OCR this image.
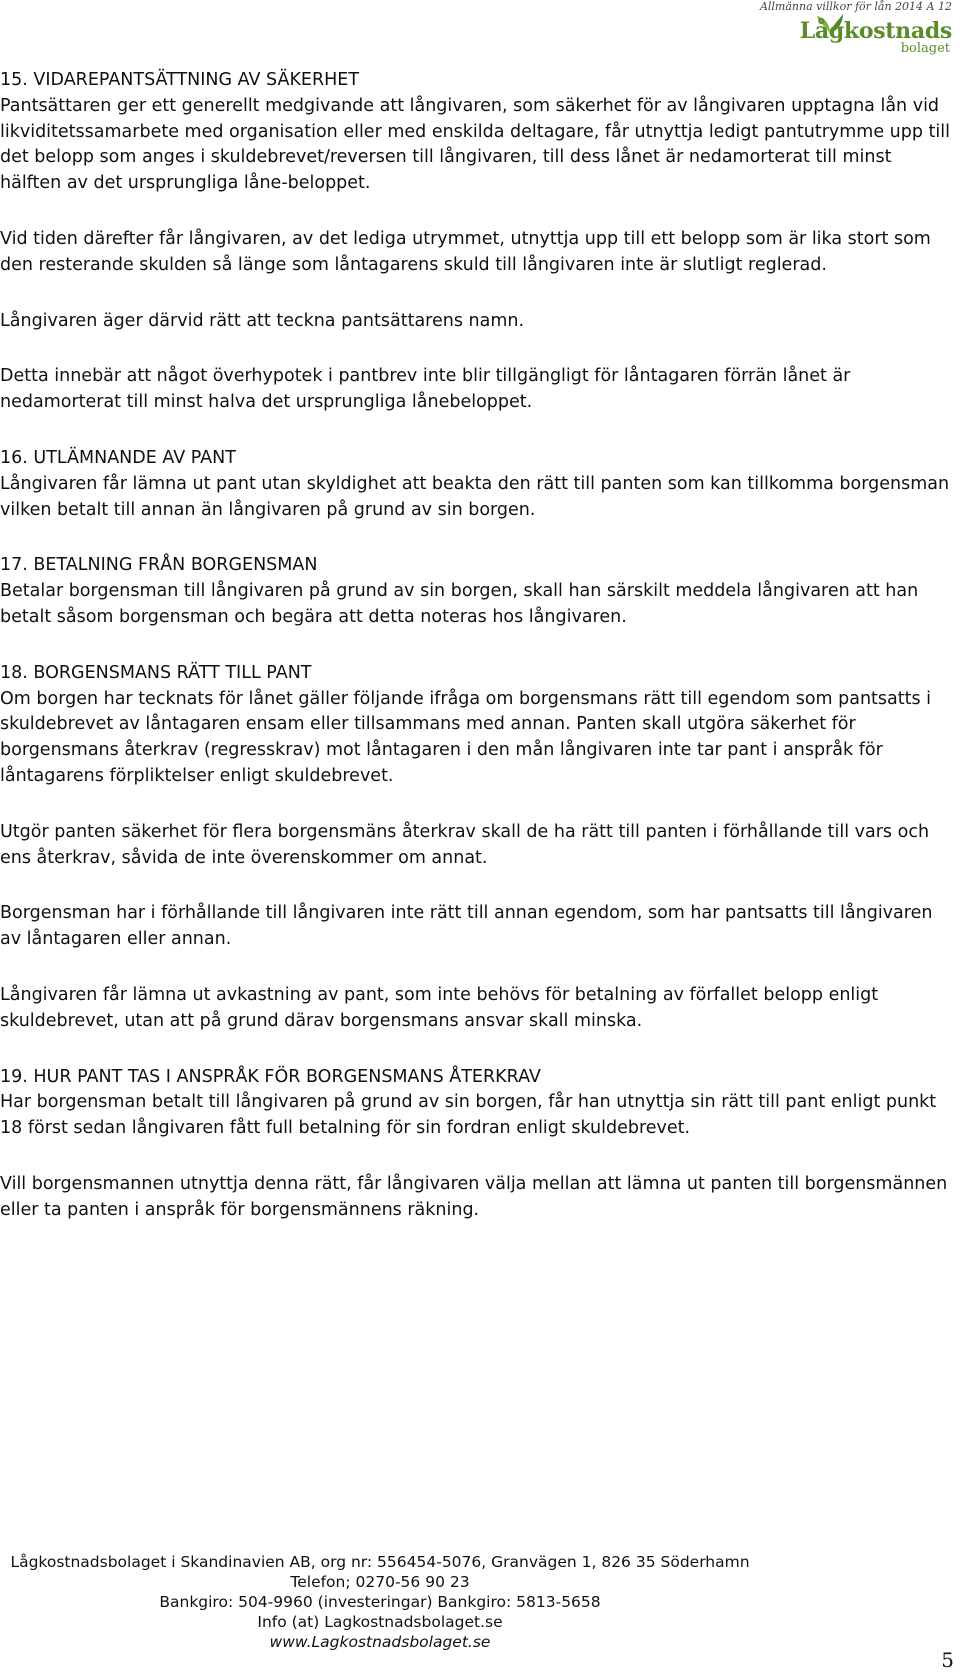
Allmänna villkor för lån 2014 A 12
Lågkostnads
bolaget

15. VIDAREPANTSÄTTNING AV SÄKERHET

Pantsättaren ger ett generellt medgivande att långivaren, som säkerhet för av långivaren upptagna lån vid likviditetssamarbete med organisation eller med enskilda deltagare, får utnyttja ledigt pantutrymme upp till det belopp som anges i skuldebrevet/reversen till långivaren, till dess lånet är nedamorterat till minst hälften av det ursprungliga låne-beloppet.

Vid tiden därefter får långivaren, av det lediga utrymmet, utnyttja upp till ett belopp som är lika stort som den resterande skulden så länge som låntagarens skuld till långivaren inte är slutligt reglerad.

Långivaren äger därvid rätt att teckna pantsättarens namn.

Detta innebär att något överhypotek i pantbrev inte blir tillgängligt för låntagaren förrän lånet är nedamorterat till minst halva det ursprungliga lånebeloppet.

16. UTLÄMNANDE AV PANT

Långivaren får lämna ut pant utan skyldighet att beakta den rätt till panten som kan tillkomma borgensman vilken betalt till annan än långivaren på grund av sin borgen.

17. BETALNING FRÅN BORGENSMAN

Betalar borgensman till långivaren på grund av sin borgen, skall han särskilt meddela långivaren att han betalt såsom borgensman och begära att detta noteras hos långivaren.

18. BORGENSMANS RÄTT TILL PANT

Om borgen har tecknats för lånet gäller följande ifråga om borgensmans rätt till egendom som pantsatts i skuldebrevet av låntagaren ensam eller tillsammans med annan. Panten skall utgöra säkerhet för borgensmans återkrav (regresskrav) mot låntagaren i den mån långivaren inte tar pant i anspråk för låntagarens förpliktelser enligt skuldebrevet.

Utgör panten säkerhet för flera borgensmäns återkrav skall de ha rätt till panten i förhållande till vars och ens återkrav, såvida de inte överenskommer om annat.

Borgensman har i förhållande till långivaren inte rätt till annan egendom, som har pantsatts till långivaren av låntagaren eller annan.

Långivaren får lämna ut avkastning av pant, som inte behövs för betalning av förfallet belopp enligt skuldebrevet, utan att på grund därav borgensmans ansvar skall minska.

19. HUR PANT TAS I ANSPRÅK FÖR BORGENSMANS ÅTERKRAV

Har borgensman betalt till långivaren på grund av sin borgen, får han utnyttja sin rätt till pant enligt punkt 18 först sedan långivaren fått full betalning för sin fordran enligt skuldebrevet.

Vill borgensmannen utnyttja denna rätt, får långivaren välja mellan att lämna ut panten till borgensmännen eller ta panten i anspråk för borgensmännens räkning.

Lågkostnadsbolaget i Skandinavien AB, org nr: 556454-5076, Granvägen 1, 826 35 Söderhamn
Telefon; 0270-56 90 23
Bankgiro: 504-9960 (investeringar) Bankgiro: 5813-5658
Info (at) Lagkostnadsbolaget.se
www.Lagkostnadsbolaget.se
5
